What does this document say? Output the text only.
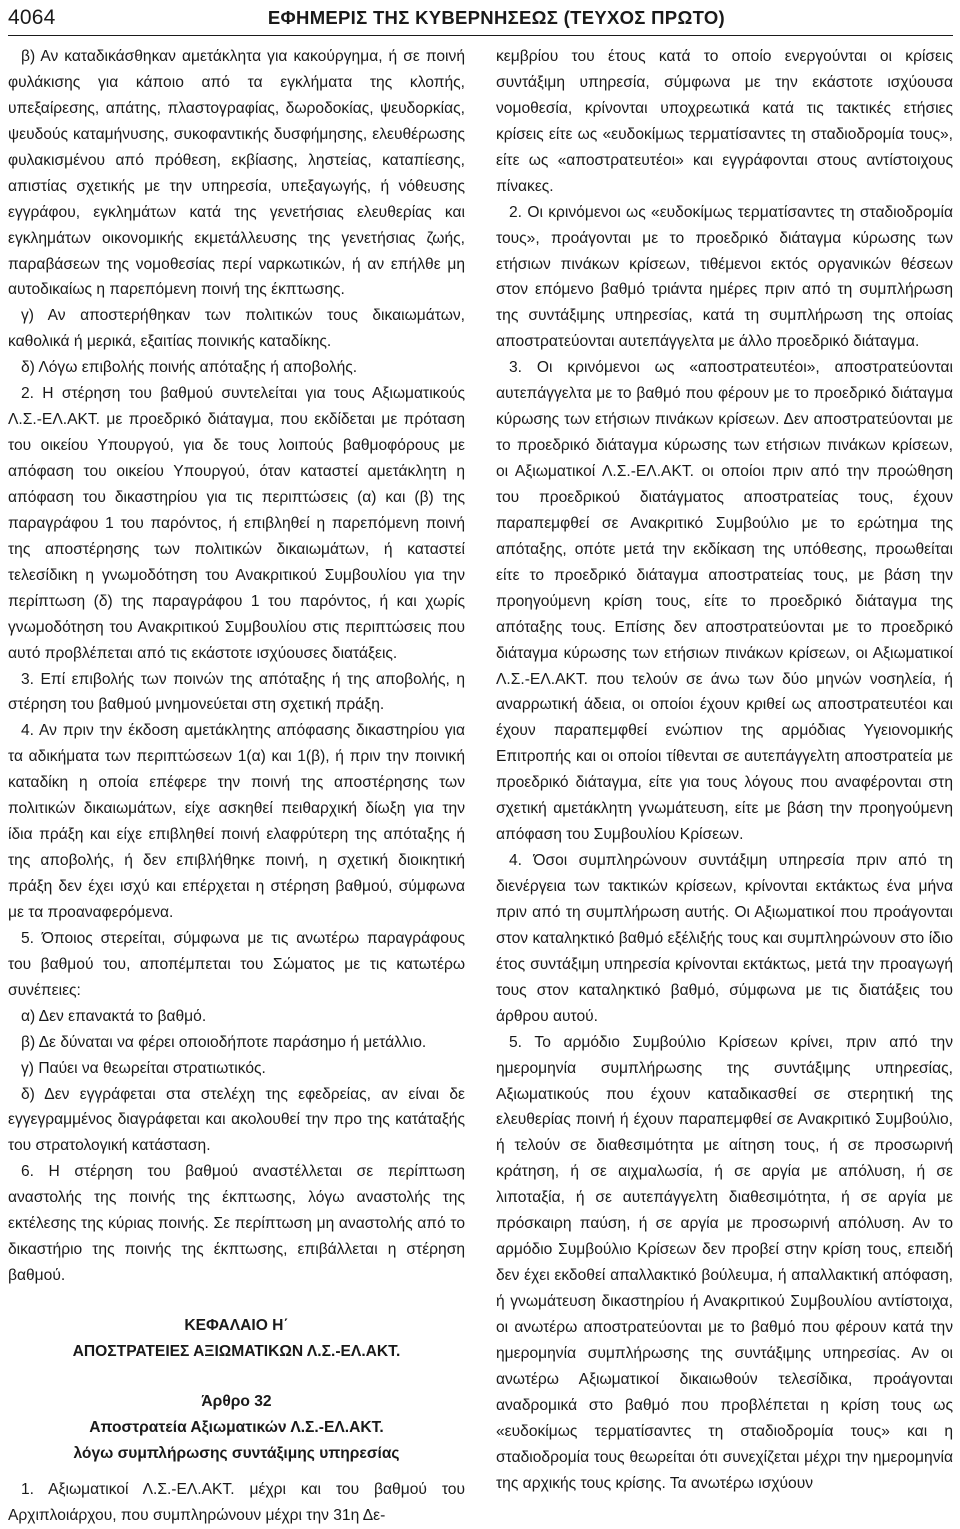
4064	ΕΦΗΜΕΡΙΣ ΤΗΣ ΚΥΒΕΡΝΗΣΕΩΣ (ΤΕΥΧΟΣ ΠΡΩΤΟ)

β) Αν καταδικάσθηκαν αμετάκλητα για κακούργημα, ή σε ποινή φυλάκισης για κάποιο από τα εγκλήματα της κλοπής, υπεξαίρεσης, απάτης, πλαστογραφίας, δωροδοκίας, ψευδορκίας, ψευδούς καταμήνυσης, συκοφαντικής δυσφήμησης, ελευθέρωσης φυλακισμένου από πρόθεση, εκβίασης, ληστείας, καταπίεσης, απιστίας σχετικής με την υπηρεσία, υπεξαγωγής, ή νόθευσης εγγράφου, εγκλημάτων κατά της γενετήσιας ελευθερίας και εγκλημάτων οικονομικής εκμετάλλευσης της γενετήσιας ζωής, παραβάσεων της νομοθεσίας περί ναρκωτικών, ή αν επήλθε μη αυτοδικαίως η παρεπόμενη ποινή της έκπτωσης.

γ) Αν αποστερήθηκαν των πολιτικών τους δικαιωμάτων, καθολικά ή μερικά, εξαιτίας ποινικής καταδίκης.

δ) Λόγω επιβολής ποινής απόταξης ή αποβολής.

2. Η στέρηση του βαθμού συντελείται για τους Αξιωματικούς Λ.Σ.-ΕΛ.ΑΚΤ. με προεδρικό διάταγμα, που εκδίδεται με πρόταση του οικείου Υπουργού, για δε τους λοιπούς βαθμοφόρους με απόφαση του οικείου Υπουργού, όταν καταστεί αμετάκλητη η απόφαση του δικαστηρίου για τις περιπτώσεις (α) και (β) της παραγράφου 1 του παρόντος, ή επιβληθεί η παρεπόμενη ποινή της αποστέρησης των πολιτικών δικαιωμάτων, ή καταστεί τελεσίδικη η γνωμοδότηση του Ανακριτικού Συμβουλίου για την περίπτωση (δ) της παραγράφου 1 του παρόντος, ή και χωρίς γνωμοδότηση του Ανακριτικού Συμβουλίου στις περιπτώσεις που αυτό προβλέπεται από τις εκάστοτε ισχύουσες διατάξεις.

3. Επί επιβολής των ποινών της απόταξης ή της αποβολής, η στέρηση του βαθμού μνημονεύεται στη σχετική πράξη.

4. Αν πριν την έκδοση αμετάκλητης απόφασης δικαστηρίου για τα αδικήματα των περιπτώσεων 1(α) και 1(β), ή πριν την ποινική καταδίκη η οποία επέφερε την ποινή της αποστέρησης των πολιτικών δικαιωμάτων, είχε ασκηθεί πειθαρχική δίωξη για την ίδια πράξη και είχε επιβληθεί ποινή ελαφρύτερη της απόταξης ή της αποβολής, ή δεν επιβλήθηκε ποινή, η σχετική διοικητική πράξη δεν έχει ισχύ και επέρχεται η στέρηση βαθμού, σύμφωνα με τα προαναφερόμενα.

5. Όποιος στερείται, σύμφωνα με τις ανωτέρω παραγράφους του βαθμού του, αποπέμπεται του Σώματος με τις κατωτέρω συνέπειες:

α) Δεν επανακτά το βαθμό.

β) Δε δύναται να φέρει οποιοδήποτε παράσημο ή μετάλλιο.

γ) Παύει να θεωρείται στρατιωτικός.

δ) Δεν εγγράφεται στα στελέχη της εφεδρείας, αν είναι δε εγγεγραμμένος διαγράφεται και ακολουθεί την προ της κατάταξής του στρατολογική κατάσταση.

6. Η στέρηση του βαθμού αναστέλλεται σε περίπτωση αναστολής της ποινής της έκπτωσης, λόγω αναστολής της εκτέλεσης της κύριας ποινής. Σε περίπτωση μη αναστολής από το δικαστήριο της ποινής της έκπτωσης, επιβάλλεται η στέρηση βαθμού.

ΚΕΦΑΛΑΙΟ Η΄
ΑΠΟΣΤΡΑΤΕΙΕΣ ΑΞΙΩΜΑΤΙΚΩΝ Λ.Σ.-ΕΛ.ΑΚΤ.
Άρθρο 32
Αποστρατεία Αξιωματικών Λ.Σ.-ΕΛ.ΑΚΤ.
λόγω συμπλήρωσης συντάξιμης υπηρεσίας

1. Αξιωματικοί Λ.Σ.-ΕΛ.ΑΚΤ. μέχρι και του βαθμού του Αρχιπλοιάρχου, που συμπληρώνουν μέχρι την 31η Δε-

κεμβρίου του έτους κατά το οποίο ενεργούνται οι κρίσεις συντάξιμη υπηρεσία, σύμφωνα με την εκάστοτε ισχύουσα νομοθεσία, κρίνονται υποχρεωτικά κατά τις τακτικές ετήσιες κρίσεις είτε ως «ευδοκίμως τερματίσαντες τη σταδιοδρομία τους», είτε ως «αποστρατευτέοι» και εγγράφονται στους αντίστοιχους πίνακες.

2. Οι κρινόμενοι ως «ευδοκίμως τερματίσαντες τη σταδιοδρομία τους», προάγονται με το προεδρικό διάταγμα κύρωσης των ετήσιων πινάκων κρίσεων, τιθέμενοι εκτός οργανικών θέσεων στον επόμενο βαθμό τριάντα ημέρες πριν από τη συμπλήρωση της συντάξιμης υπηρεσίας, κατά τη συμπλήρωση της οποίας αποστρατεύονται αυτεπάγγελτα με άλλο προεδρικό διάταγμα.

3. Οι κρινόμενοι ως «αποστρατευτέοι», αποστρατεύονται αυτεπάγγελτα με το βαθμό που φέρουν με το προεδρικό διάταγμα κύρωσης των ετήσιων πινάκων κρίσεων. Δεν αποστρατεύονται με το προεδρικό διάταγμα κύρωσης των ετήσιων πινάκων κρίσεων, οι Αξιωματικοί Λ.Σ.-ΕΛ.ΑΚΤ. οι οποίοι πριν από την προώθηση του προεδρικού διατάγματος αποστρατείας τους, έχουν παραπεμφθεί σε Ανακριτικό Συμβούλιο με το ερώτημα της απόταξης, οπότε μετά την εκδίκαση της υπόθεσης, προωθείται είτε το προεδρικό διάταγμα αποστρατείας τους, με βάση την προηγούμενη κρίση τους, είτε το προεδρικό διάταγμα της απόταξης τους. Επίσης δεν αποστρατεύονται με το προεδρικό διάταγμα κύρωσης των ετήσιων πινάκων κρίσεων, οι Αξιωματικοί Λ.Σ.-ΕΛ.ΑΚΤ. που τελούν σε άνω των δύο μηνών νοσηλεία, ή αναρρωτική άδεια, οι οποίοι έχουν κριθεί ως αποστρατευτέοι και έχουν παραπεμφθεί ενώπιον της αρμόδιας Υγειονομικής Επιτροπής και οι οποίοι τίθενται σε αυτεπάγγελτη αποστρατεία με προεδρικό διάταγμα, είτε για τους λόγους που αναφέρονται στη σχετική αμετάκλητη γνωμάτευση, είτε με βάση την προηγούμενη απόφαση του Συμβουλίου Κρίσεων.

4. Όσοι συμπληρώνουν συντάξιμη υπηρεσία πριν από τη διενέργεια των τακτικών κρίσεων, κρίνονται εκτάκτως ένα μήνα πριν από τη συμπλήρωση αυτής. Οι Αξιωματικοί που προάγονται στον καταληκτικό βαθμό εξέλιξής τους και συμπληρώνουν στο ίδιο έτος συντάξιμη υπηρεσία κρίνονται εκτάκτως, μετά την προαγωγή τους στον καταληκτικό βαθμό, σύμφωνα με τις διατάξεις του άρθρου αυτού.

5. Το αρμόδιο Συμβούλιο Κρίσεων κρίνει, πριν από την ημερομηνία συμπλήρωσης της συντάξιμης υπηρεσίας, Αξιωματικούς που έχουν καταδικασθεί σε στερητική της ελευθερίας ποινή ή έχουν παραπεμφθεί σε Ανακριτικό Συμβούλιο, ή τελούν σε διαθεσιμότητα με αίτηση τους, ή σε προσωρινή κράτηση, ή σε αιχμαλωσία, ή σε αργία με απόλυση, ή σε λιποταξία, ή σε αυτεπάγγελτη διαθεσιμότητα, ή σε αργία με πρόσκαιρη παύση, ή σε αργία με προσωρινή απόλυση. Αν το αρμόδιο Συμβούλιο Κρίσεων δεν προβεί στην κρίση τους, επειδή δεν έχει εκδοθεί απαλλακτικό βούλευμα, ή απαλλακτική απόφαση, ή γνωμάτευση δικαστηρίου ή Ανακριτικού Συμβουλίου αντίστοιχα, οι ανωτέρω αποστρατεύονται με το βαθμό που φέρουν κατά την ημερομηνία συμπλήρωσης της συντάξιμης υπηρεσίας. Αν οι ανωτέρω Αξιωματικοί δικαιωθούν τελεσίδικα, προάγονται αναδρομικά στο βαθμό που προβλέπεται η κρίση τους ως «ευδοκίμως τερματίσαντες τη σταδιοδρομία τους» και η σταδιοδρομία τους θεωρείται ότι συνεχίζεται μέχρι την ημερομηνία της αρχικής τους κρίσης. Τα ανωτέρω ισχύουν
